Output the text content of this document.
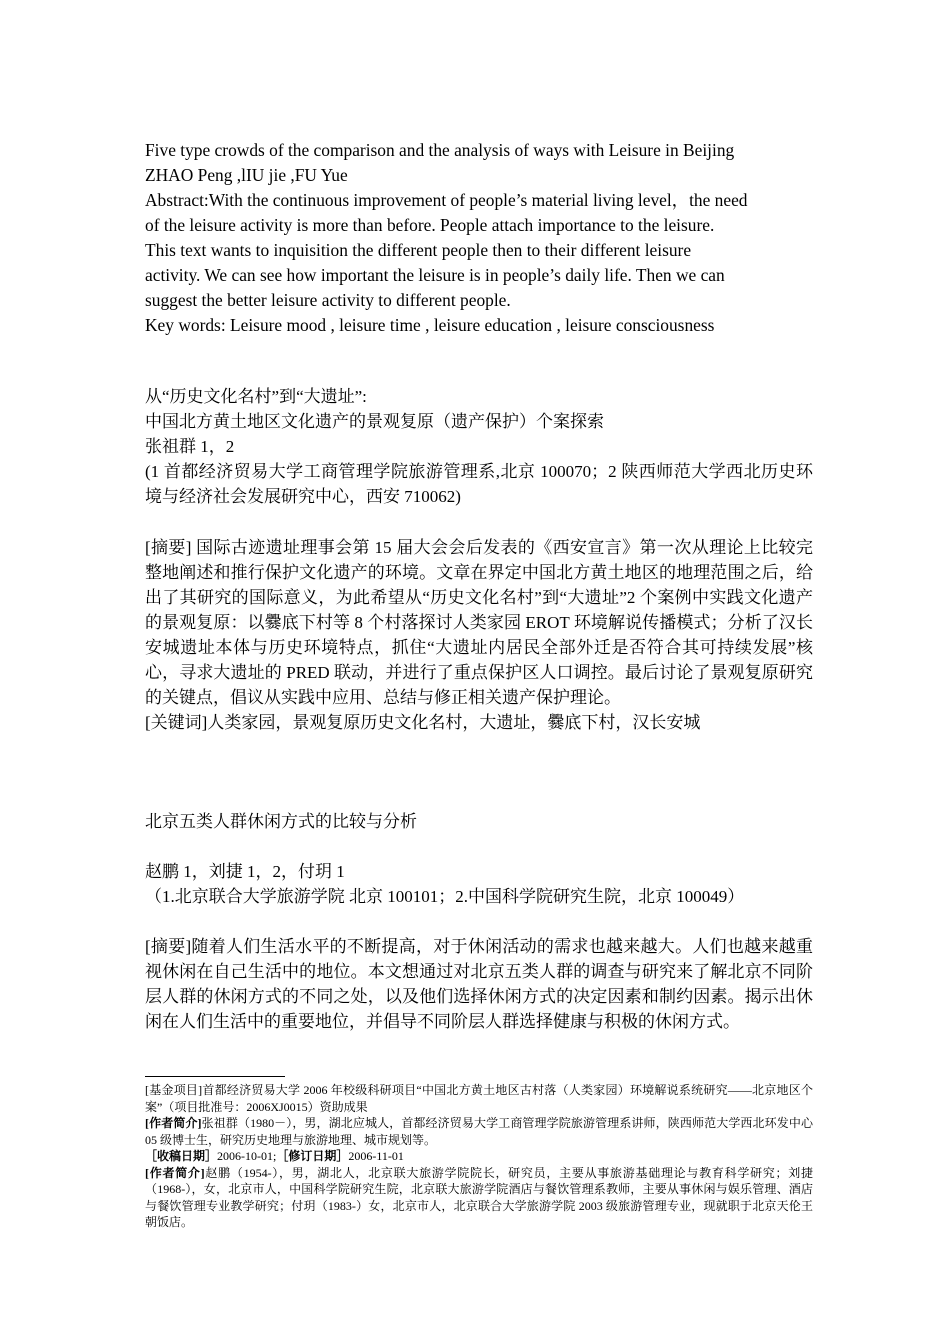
Five type crowds of the comparison and the analysis of ways with Leisure in Beijing

ZHAO Peng ,lIU jie ,FU Yue

Abstract:With the continuous improvement of people’s material living level，the need

of the leisure activity is more than before. People attach importance to the leisure.

This text wants to inquisition the different people then to their different leisure

activity. We can see how important the leisure is in people’s daily life. Then we can

suggest the better leisure activity to different people.

Key words: Leisure mood , leisure time , leisure education , leisure consciousness

从“历史文化名村”到“大遗址”:

中国北方黄土地区文化遗产的景观复原（遗产保护）个案探索

张祖群 1，2

(1 首都经济贸易大学工商管理学院旅游管理系,北京 100070；2 陕西师范大学西北历史环境与经济社会发展研究中心，西安 710062)

[摘要] 国际古迹遗址理事会第 15 届大会会后发表的《西安宣言》第一次从理论上比较完整地阐述和推行保护文化遗产的环境。文章在界定中国北方黄土地区的地理范围之后，给出了其研究的国际意义，为此希望从“历史文化名村”到“大遗址”2 个案例中实践文化遗产的景观复原：以爨底下村等 8 个村落探讨人类家园 EROT 环境解说传播模式；分析了汉长安城遗址本体与历史环境特点，抓住“大遗址内居民全部外迁是否符合其可持续发展”核心，寻求大遗址的 PRED 联动，并进行了重点保护区人口调控。最后讨论了景观复原研究的关键点，倡议从实践中应用、总结与修正相关遗产保护理论。

[关键词]人类家园，景观复原历史文化名村，大遗址，爨底下村，汉长安城

北京五类人群休闲方式的比较与分析

赵鹏 1，刘捷 1，2，付玥 1

（1.北京联合大学旅游学院 北京 100101；2.中国科学院研究生院，北京 100049）

[摘要]随着人们生活水平的不断提高，对于休闲活动的需求也越来越大。人们也越来越重视休闲在自己生活中的地位。本文想通过对北京五类人群的调查与研究来了解北京不同阶层人群的休闲方式的不同之处，以及他们选择休闲方式的决定因素和制约因素。揭示出休闲在人们生活中的重要地位，并倡导不同阶层人群选择健康与积极的休闲方式。

[基金项目]首都经济贸易大学 2006 年校级科研项目“中国北方黄土地区古村落（人类家园）环境解说系统研究——北京地区个案”（项目批准号：2006XJ0015）资助成果

[作者简介]张祖群（1980－），男，湖北应城人，首都经济贸易大学工商管理学院旅游管理系讲师，陕西师范大学西北环发中心 05 级博士生，研究历史地理与旅游地理、城市规划等。

［收稿日期］2006-10-01;［修订日期］2006-11-01

[作者简介]赵鹏（1954-），男，湖北人，北京联大旅游学院院长，研究员，主要从事旅游基础理论与教育科学研究；刘捷（1968-），女，北京市人，中国科学院研究生院，北京联大旅游学院酒店与餐饮管理系教师，主要从事休闲与娱乐管理、酒店与餐饮管理专业教学研究；付玥（1983-）女，北京市人，北京联合大学旅游学院 2003 级旅游管理专业，现就职于北京天伦王朝饭店。
